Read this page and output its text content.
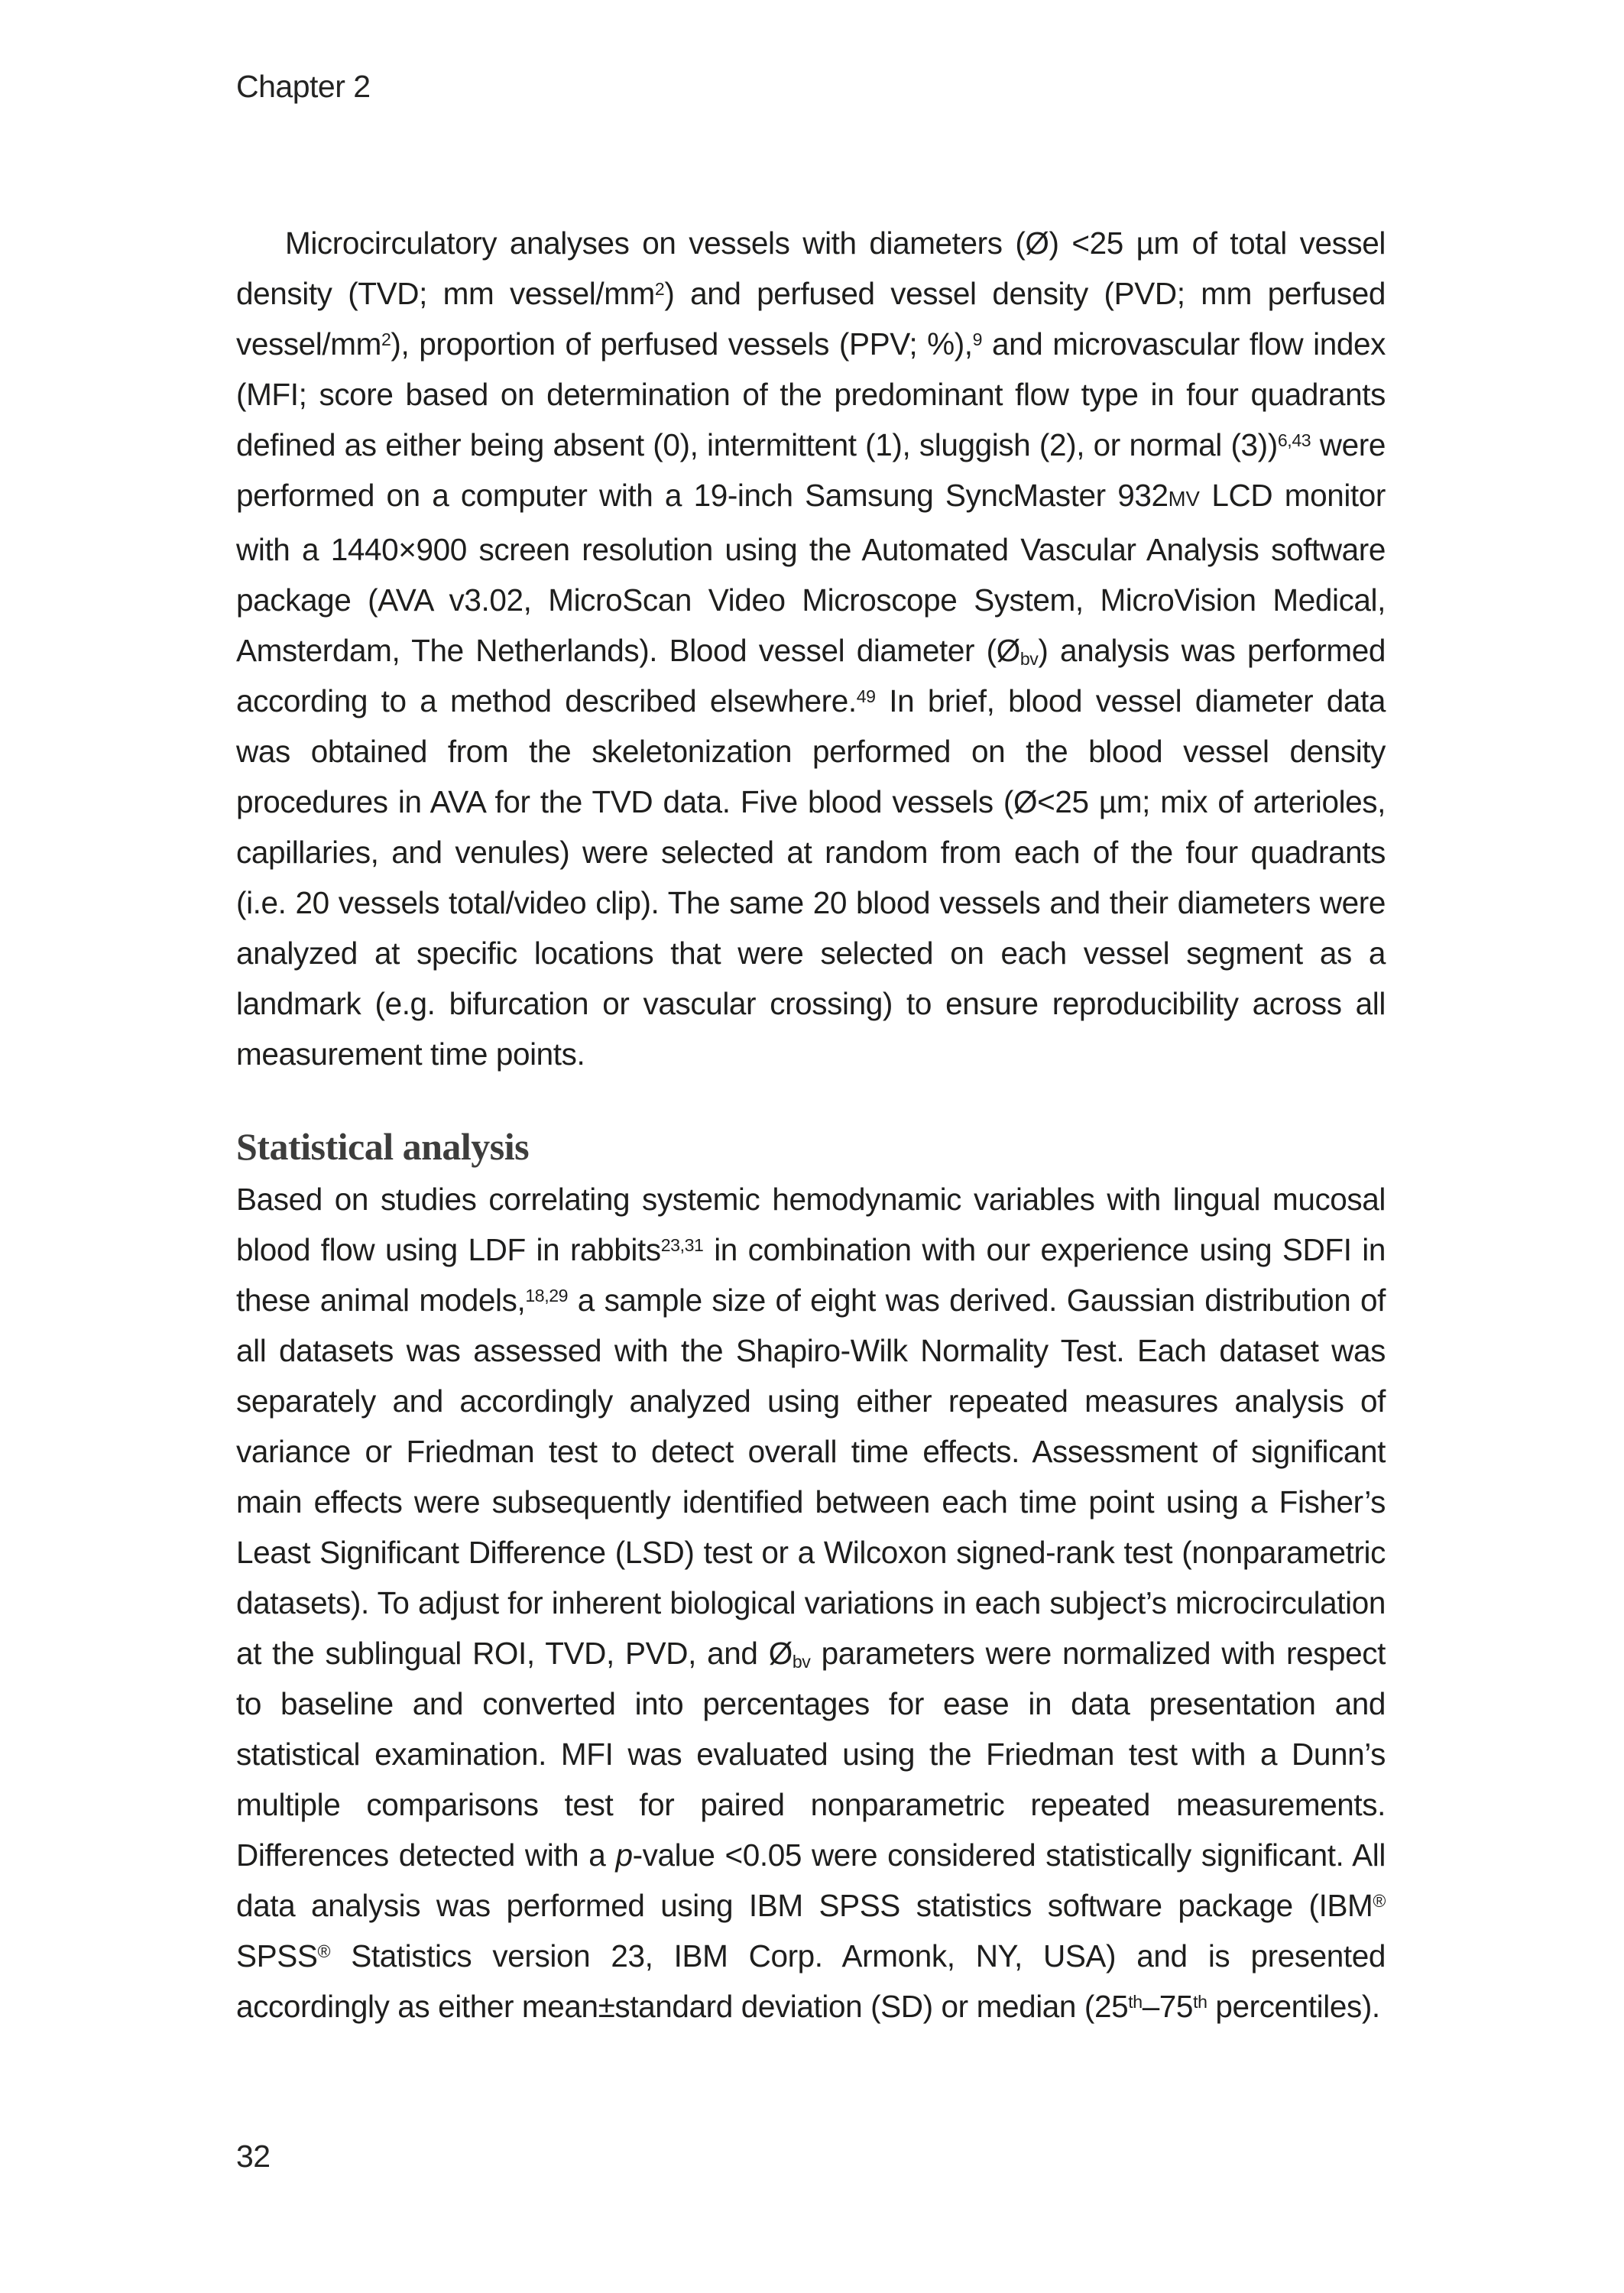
Chapter 2
Microcirculatory analyses on vessels with diameters (Ø) <25 µm of total vessel density (TVD; mm vessel/$mm^2$) and perfused vessel density (PVD; mm perfused vessel/$mm^2$), proportion of perfused vessels (PPV; %),$^9$ and microvascular flow index (MFI; score based on determination of the predominant flow type in four quadrants defined as either being absent (0), intermittent (1), sluggish (2), or normal (3))$^{6,43}$ were performed on a computer with a 19-inch Samsung SyncMaster 932MV LCD monitor with a 1440×900 screen resolution using the Automated Vascular Analysis software package (AVA v3.02, MicroScan Video Microscope System, MicroVision Medical, Amsterdam, The Netherlands). Blood vessel diameter $(Ø_{bv})$ analysis was performed according to a method described elsewhere.$^{49}$ In brief, blood vessel diameter data was obtained from the skeletonization performed on the blood vessel density procedures in AVA for the TVD data. Five blood vessels (Ø<25 µm; mix of arterioles, capillaries, and venules) were selected at random from each of the four quadrants (i.e. 20 vessels total/video clip). The same 20 blood vessels and their diameters were analyzed at specific locations that were selected on each vessel segment as a landmark (e.g. bifurcation or vascular crossing) to ensure reproducibility across all measurement time points.
Statistical analysis
Based on studies correlating systemic hemodynamic variables with lingual mucosal blood flow using LDF in rabbits$^{23,31}$ in combination with our experience using SDFI in these animal models,$^{18,29}$ a sample size of eight was derived. Gaussian distribution of all datasets was assessed with the Shapiro-Wilk Normality Test. Each dataset was separately and accordingly analyzed using either repeated measures analysis of variance or Friedman test to detect overall time effects. Assessment of significant main effects were subsequently identified between each time point using a Fisher’s Least Significant Difference (LSD) test or a Wilcoxon signed-rank test (nonparametric datasets). To adjust for inherent biological variations in each subject’s microcirculation at the sublingual ROI, TVD, PVD, and $Ø_{bv}$ parameters were normalized with respect to baseline and converted into percentages for ease in data presentation and statistical examination. MFI was evaluated using the Friedman test with a Dunn’s multiple comparisons test for paired nonparametric repeated measurements. Differences detected with a p-value <0.05 were considered statistically significant. All data analysis was performed using IBM SPSS statistics software package (IBM® SPSS® Statistics version 23, IBM Corp. Armonk, NY, USA) and is presented accordingly as either mean±standard deviation (SD) or median (25th–75th percentiles).
32
